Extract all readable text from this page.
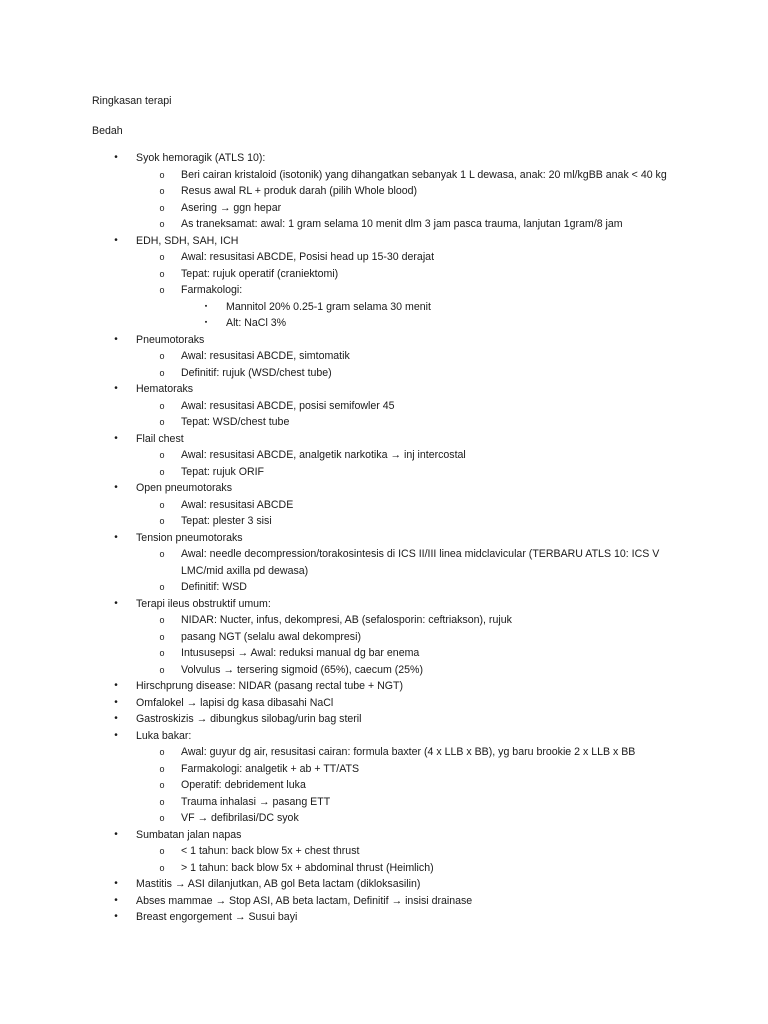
Ringkasan terapi
Bedah
•	Syok hemoragik (ATLS 10):
o	Beri cairan kristaloid (isotonik) yang dihangatkan sebanyak 1 L dewasa, anak: 20 ml/kgBB anak < 40 kg
o	Resus awal RL + produk darah (pilih Whole blood)
o	Asering → ggn hepar
o	As traneksamat: awal: 1 gram selama 10 menit dlm 3 jam pasca trauma, lanjutan 1gram/8 jam
•	EDH, SDH, SAH, ICH
o	Awal: resusitasi ABCDE, Posisi head up 15-30 derajat
o	Tepat: rujuk operatif (craniektomi)
o	Farmakologi:
▪	Mannitol 20% 0.25-1 gram selama 30 menit
▪	Alt: NaCl 3%
•	Pneumotoraks
o	Awal: resusitasi ABCDE, simtomatik
o	Definitif: rujuk (WSD/chest tube)
•	Hematoraks
o	Awal: resusitasi ABCDE, posisi semifowler 45
o	Tepat: WSD/chest tube
•	Flail chest
o	Awal: resusitasi ABCDE, analgetik narkotika → inj intercostal
o	Tepat: rujuk ORIF
•	Open pneumotoraks
o	Awal: resusitasi ABCDE
o	Tepat: plester 3 sisi
•	Tension pneumotoraks
o	Awal: needle decompression/torakosintesis di ICS II/III linea midclavicular (TERBARU ATLS 10: ICS V
LMC/mid axilla pd dewasa)
o	Definitif: WSD
•	Terapi ileus obstruktif umum:
o	NIDAR: Nucter, infus, dekompresi, AB (sefalosporin: ceftriakson), rujuk
o	pasang NGT (selalu awal dekompresi)
o	Intususepsi → Awal: reduksi manual dg bar enema
o	Volvulus → tersering sigmoid (65%), caecum (25%)
•	Hirschprung disease: NIDAR (pasang rectal tube + NGT)
•	Omfalokel → lapisi dg kasa dibasahi NaCl
•	Gastroskizis → dibungkus silobag/urin bag steril
•	Luka bakar:
o	Awal: guyur dg air, resusitasi cairan: formula baxter (4 x LLB x BB), yg baru brookie 2 x LLB x BB
o	Farmakologi: analgetik + ab + TT/ATS
o	Operatif: debridement luka
o	Trauma inhalasi → pasang ETT
o	VF → defibrilasi/DC syok
•	Sumbatan jalan napas
o	< 1 tahun: back blow 5x + chest thrust
o	> 1 tahun: back blow 5x + abdominal thrust (Heimlich)
•	Mastitis → ASI dilanjutkan, AB gol Beta lactam (dikloksasilin)
•	Abses mammae → Stop ASI, AB beta lactam, Definitif → insisi drainase
•	Breast engorgement → Susui bayi
